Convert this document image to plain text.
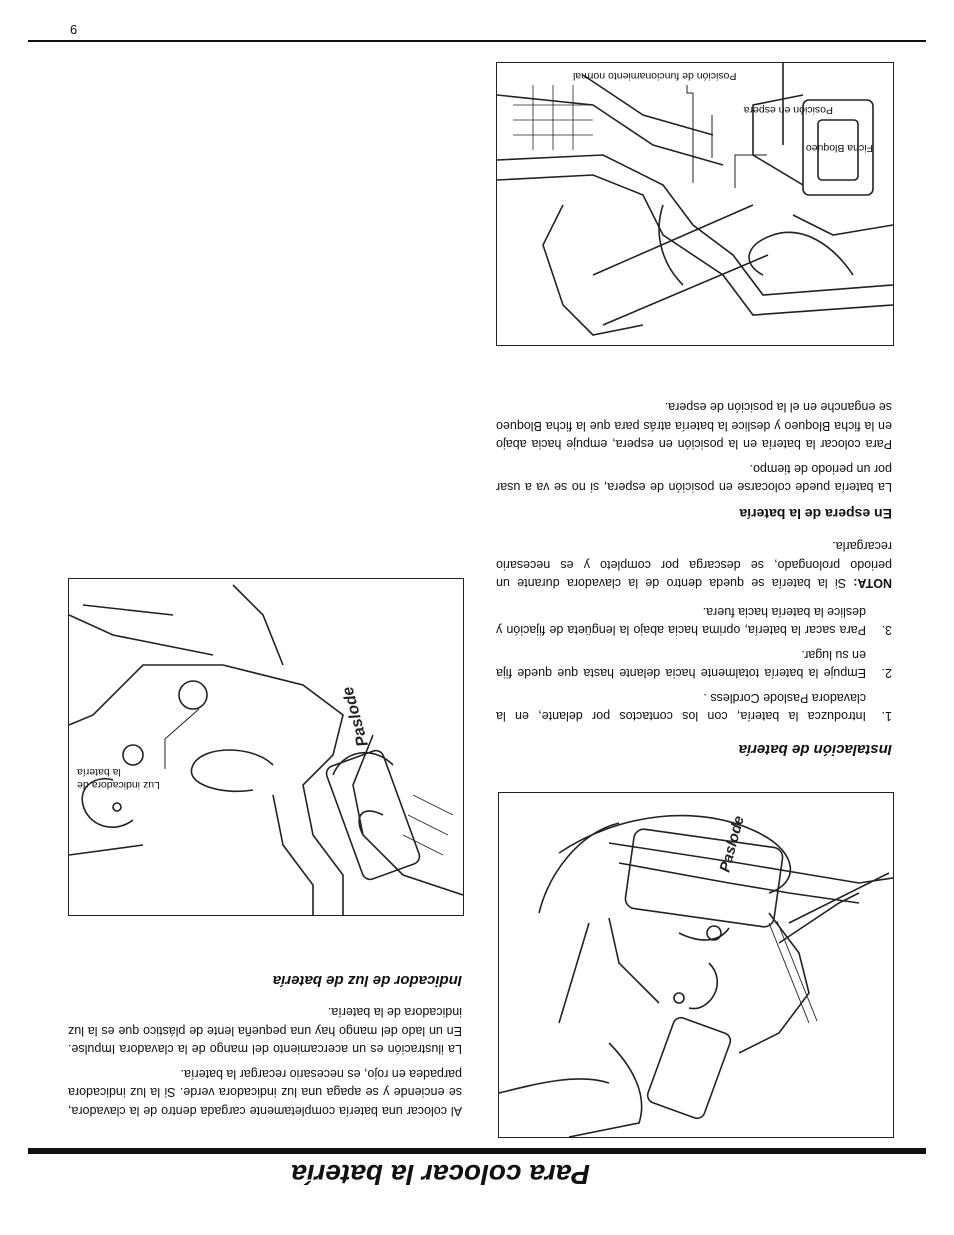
6
Posición de funcionamiento normal
Posición en espera
Ficha Bloqueo
Instalación de batería
1.
Introduzca la batería, con los contactos por delante, en la clavadora Paslode Cordless .
2.
Empuje la batería totalmente hacia delante hasta que quede fija en su lugar.
3.
Para sacar la batería, oprima hacia abajo la lengüeta de fijación y deslice la batería hacia fuera.

NOTA: Si la batería se queda dentro de la clavadora durante un periodo prolongado, se descarga por completo y es necesario recargarla.

En espera de la batería

La batería puede colocarse en posición de espera, si no se va a usar por un periodo de tiempo.

Para colocar la batería en la posición en espera, empuje hacia abajo en la ficha Bloqueo y deslice la batería atrás para que la ficha Bloqueo se enganche en el la posición de espera.

Paslode
Luz indicadora de la batería

Al colocar una batería completamente cargada dentro de la clavadora, se enciende y se apaga una luz indicadora verde. Si la luz indicadora parpadea en rojo, es necesario recargar la batería.

La ilustración es un acercamiento del mango de la clavadora Impulse. En un lado del mango hay una pequeña lente de plástico que es la luz indicadora de la batería.

Indicador de luz de batería
Paslode
Para colocar la batería
